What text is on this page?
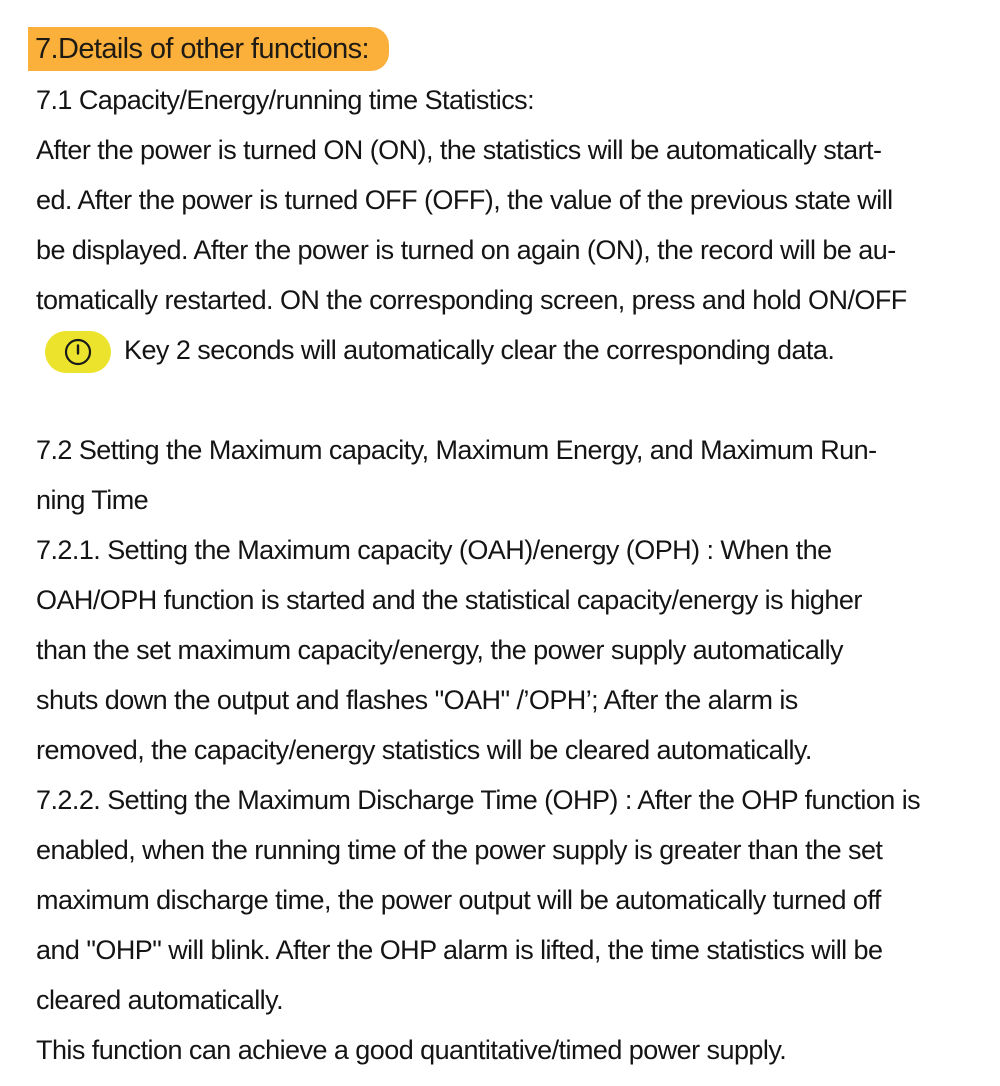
7.Details of other functions:
7.1 Capacity/Energy/running time Statistics:
After the power is turned ON (ON), the statistics will be automatically start-
ed. After the power is turned OFF (OFF), the value of the previous state will
be displayed. After the power is turned on again (ON), the record will be au-
tomatically restarted. ON the corresponding screen, press and hold ON/OFF
Key 2 seconds will automatically clear the corresponding data.
7.2 Setting the Maximum capacity, Maximum Energy, and Maximum Run-
ning Time
7.2.1. Setting the Maximum capacity (OAH)/energy (OPH) : When the
OAH/OPH function is started and the statistical capacity/energy is higher
than the set maximum capacity/energy, the power supply automatically
shuts down the output and flashes "OAH" /’OPH’; After the alarm is
removed, the capacity/energy statistics will be cleared automatically.
7.2.2. Setting the Maximum Discharge Time (OHP) : After the OHP function is
enabled, when the running time of the power supply is greater than the set
maximum discharge time, the power output will be automatically turned off
and "OHP" will blink. After the OHP alarm is lifted, the time statistics will be
cleared automatically.
This function can achieve a good quantitative/timed power supply.
